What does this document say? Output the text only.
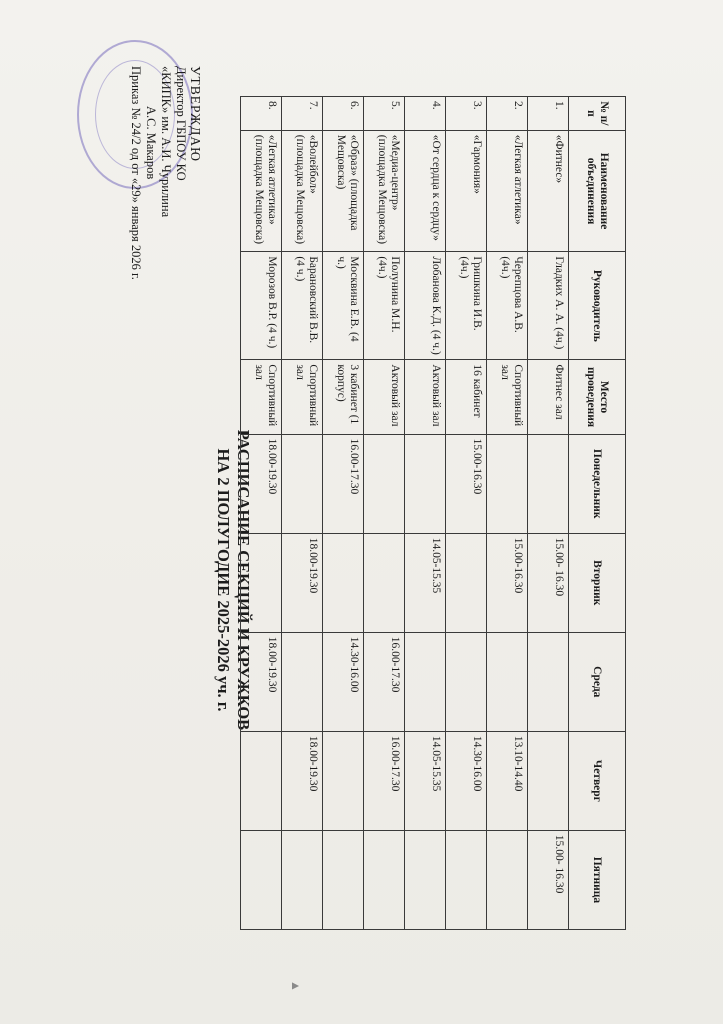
УТВЕРЖДАЮ
Директор ГБПОУ КО
«КИПК» им. А.И. Чурилина
А.С. Макаров
Приказ № 24/2 од от «29» января 2026 г.
РАСПИСАНИЕ СЕКЦИЙ И КРУЖКОВ
НА 2 ПОЛУГОДИЕ 2025-2026 уч. г.
№ п/п	Наименование объединения	Руководитель	Место проведения	Понедельник	Вторник	Среда	Четверг	Пятница
1.	«Фитнес»	Гладких А. А. (4ч.)	Фитнес зал		15.00- 16.30			15.00- 16.30
2.	«Легкая атлетика»	Черепцова А.В. (4ч.)	Спортивный зал		15.00-16.30		13.10-14.40	
3.	«Гармония»	Гришкина И.В. (4ч.)	16 кабинет	15.00-16.30			14.30-16.00	
4.	«От сердца к сердцу»	Лобанова К.Д. (4 ч.)	Актовый зал		14.05-15.35		14.05-15.35	
5.	«Медиа-центр» (площадка Мещовска)	Полунина М.Н. (4ч.)	Актовый зал			16.00-17.30	16.00-17.30	
6.	«Образ» (площадка Мещовска)	Москвина Е.В. (4 ч.)	3 кабинет (1 корпус)	16.00-17.30		14.30-16.00		
7.	«Волейбол» (площадка Мещовска)	Барановский В.В. (4 ч.)	Спортивный зал		18.00-19.30		18.00-19.30	
8.	«Легкая атлетика» (площадка Мещовска)	Морозов В.Р. (4 ч.)	Спортивный зал	18.00-19.30		18.00-19.30		
▲
